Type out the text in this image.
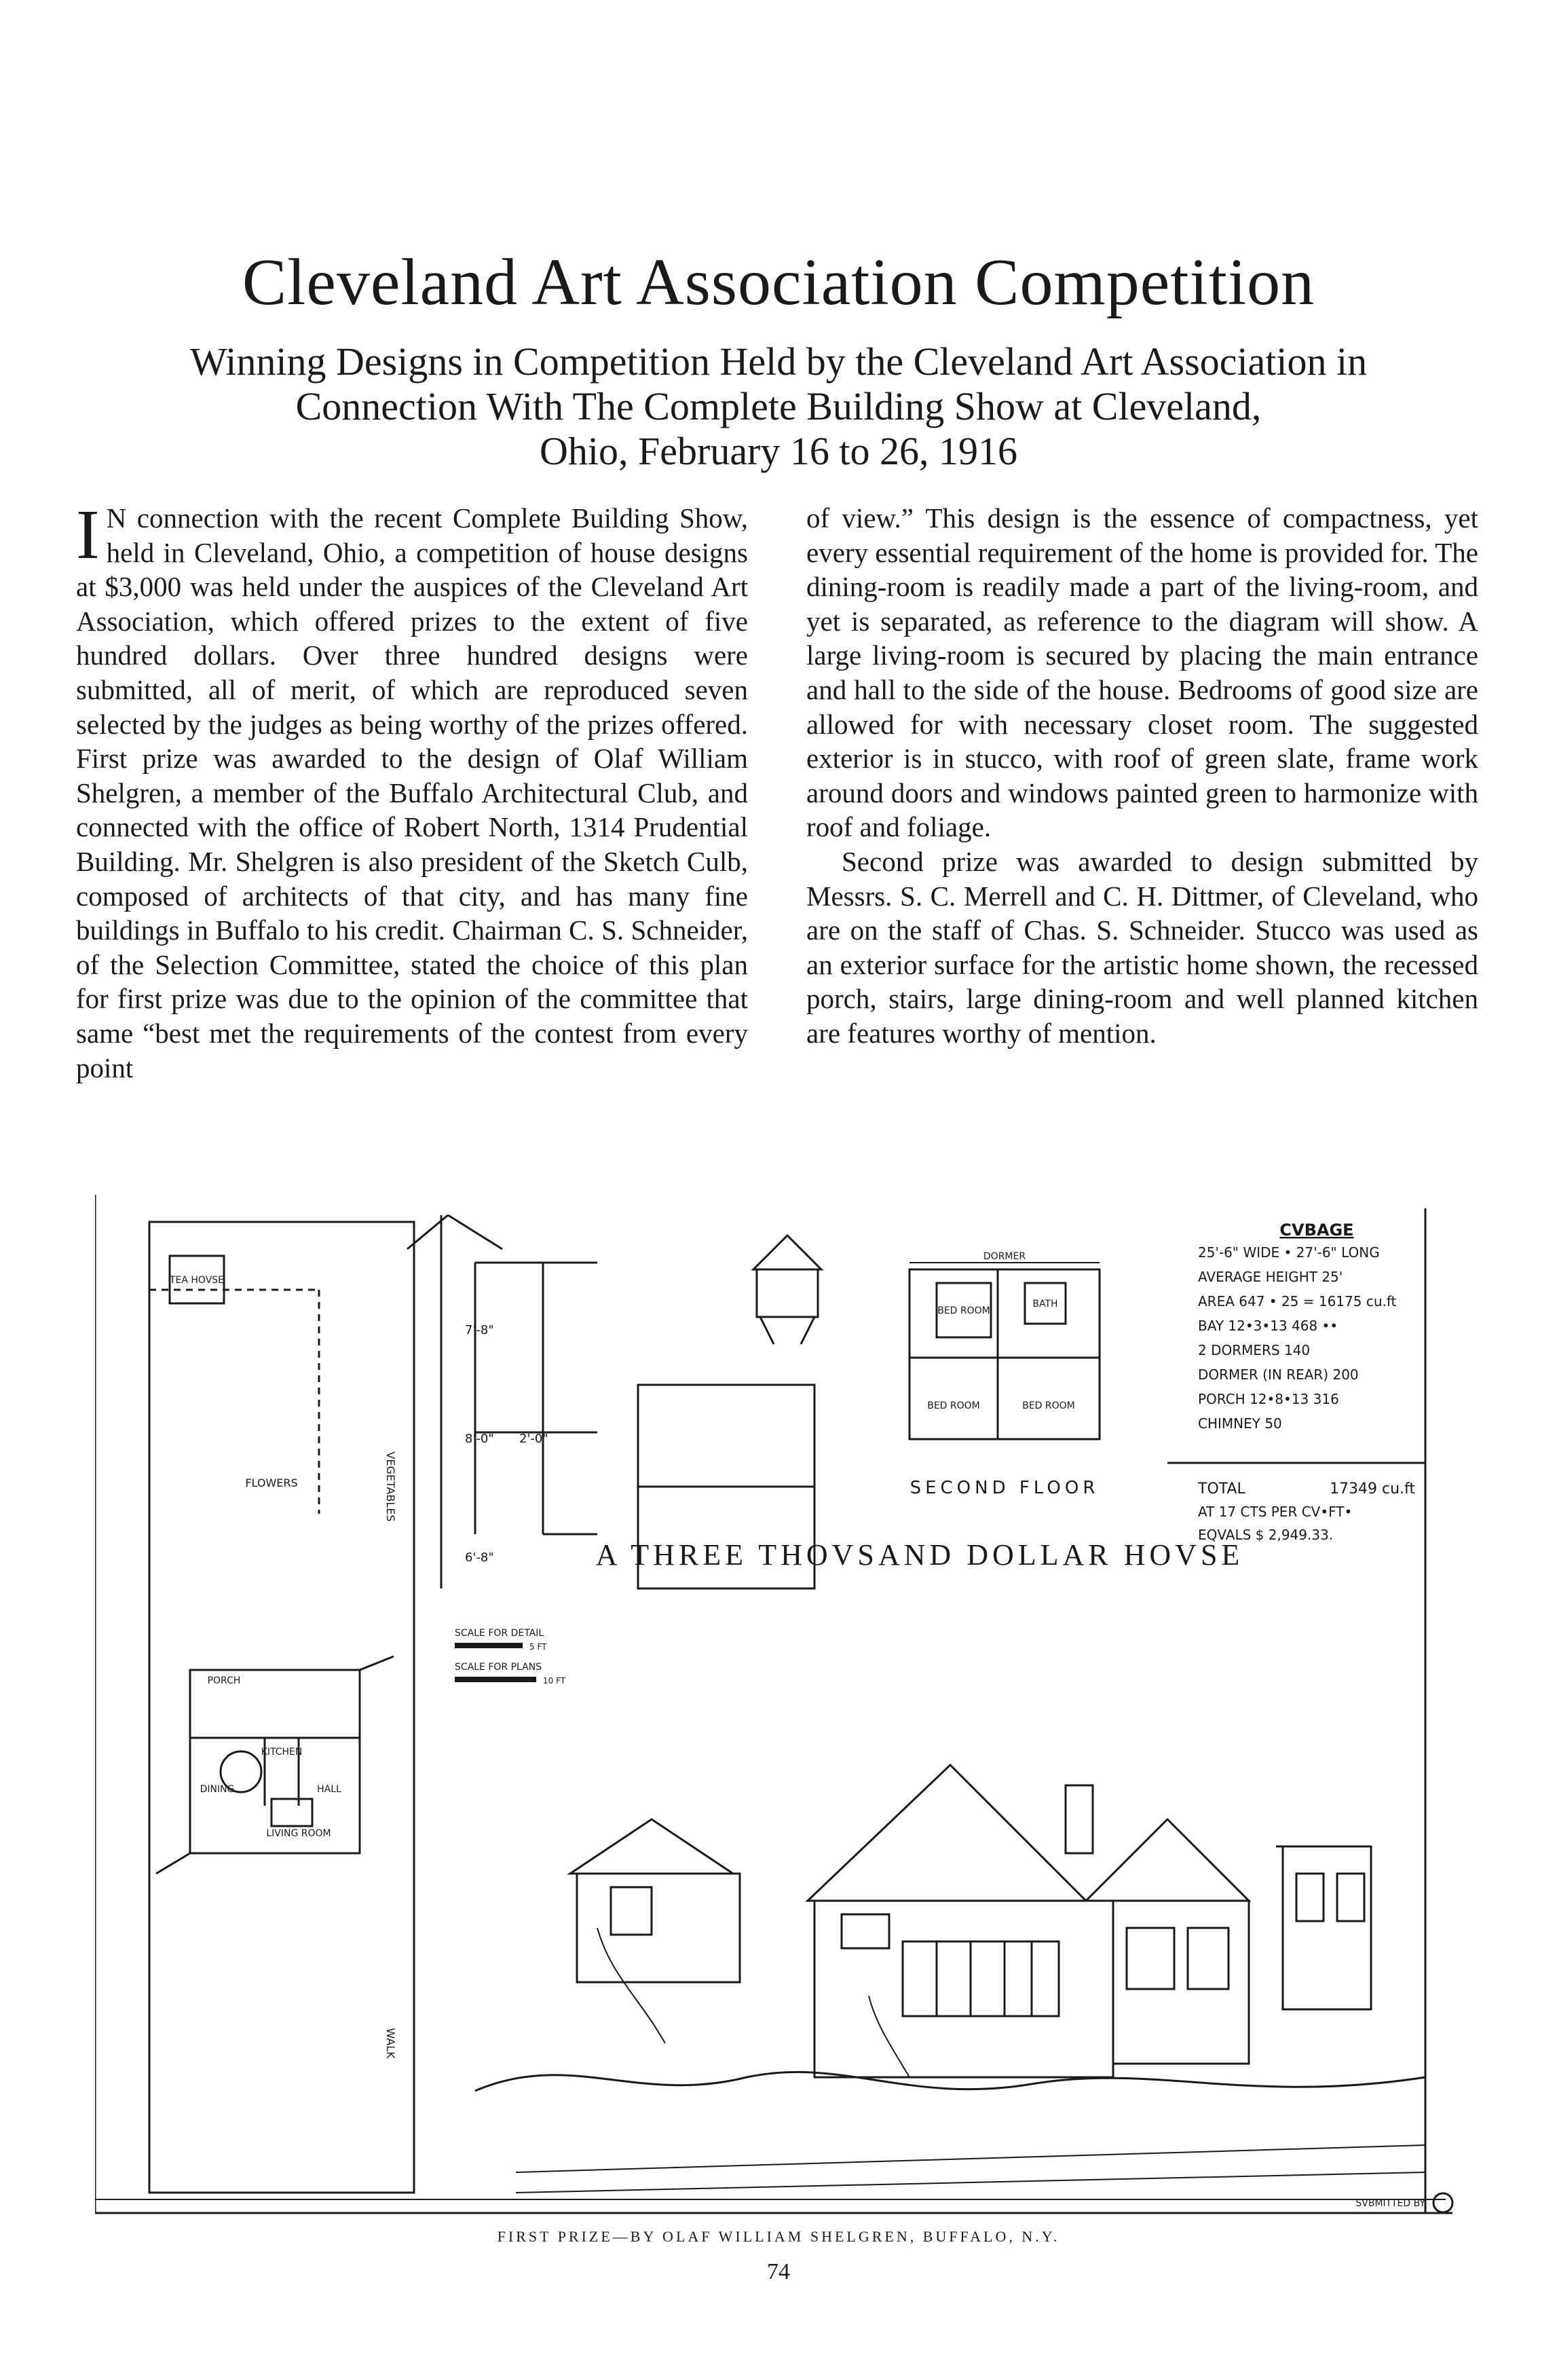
Cleveland Art Association Competition
Winning Designs in Competition Held by the Cleveland Art Association in
Connection With The Complete Building Show at Cleveland,
Ohio, February 16 to 26, 1916

I N connection with the recent Complete Building Show, held in Cleveland, Ohio, a competition of house designs at $3,000 was held under the auspices of the Cleveland Art Association, which offered prizes to the extent of five hundred dollars. Over three hundred designs were submitted, all of merit, of which are reproduced seven selected by the judges as being worthy of the prizes offered. First prize was awarded to the design of Olaf William Shelgren, a member of the Buffalo Architectural Club, and connected with the office of Robert North, 1314 Prudential Building. Mr. Shelgren is also president of the Sketch Culb, composed of architects of that city, and has many fine buildings in Buffalo to his credit. Chairman C. S. Schneider, of the Selection Committee, stated the choice of this plan for first prize was due to the opinion of the committee that same “best met the requirements of the contest from every point

of view.” This design is the essence of compactness, yet every essential requirement of the home is provided for. The dining-room is readily made a part of the living-room, and yet is separated, as reference to the diagram will show. A large living-room is secured by placing the main entrance and hall to the side of the house. Bedrooms of good size are allowed for with necessary closet room. The suggested exterior is in stucco, with roof of green slate, frame work around doors and windows painted green to harmonize with roof and foliage.

Second prize was awarded to design submitted by Messrs. S. C. Merrell and C. H. Dittmer, of Cleveland, who are on the staff of Chas. S. Schneider. Stucco was used as an exterior surface for the artistic home shown, the recessed porch, stairs, large dining-room and well planned kitchen are features worthy of mention.

CVBAGE
25'-6" WIDE • 27'-6" LONG
AVERAGE HEIGHT 25'
AREA 647 • 25 = 16175 cu.ft
BAY 12•3•13 468 ••
2 DORMERS 140
DORMER (IN REAR) 200
PORCH 12•8•13 316
CHIMNEY 50
TOTAL	17349 cu.ft
AT 17 CTS PER CV•FT•
EQVALS $ 2,949.33.
SECOND FLOOR
DORMER
BED ROOM
BATH
BED ROOM	BED ROOM
TEA HOVSE
FLOWERS	VEGETABLES
WALK
PORCH
KITCHEN
HALL
LIVING ROOM
DINING
7'-8"
8'-0" 2'-0"
6'-8"
SCALE FOR DETAIL
5 FT
SCALE FOR PLANS
10 FT
A THREE THOVSAND DOLLAR HOVSE
SVBMITTED BY

FIRST PRIZE—BY OLAF WILLIAM SHELGREN, BUFFALO, N.Y.

74
